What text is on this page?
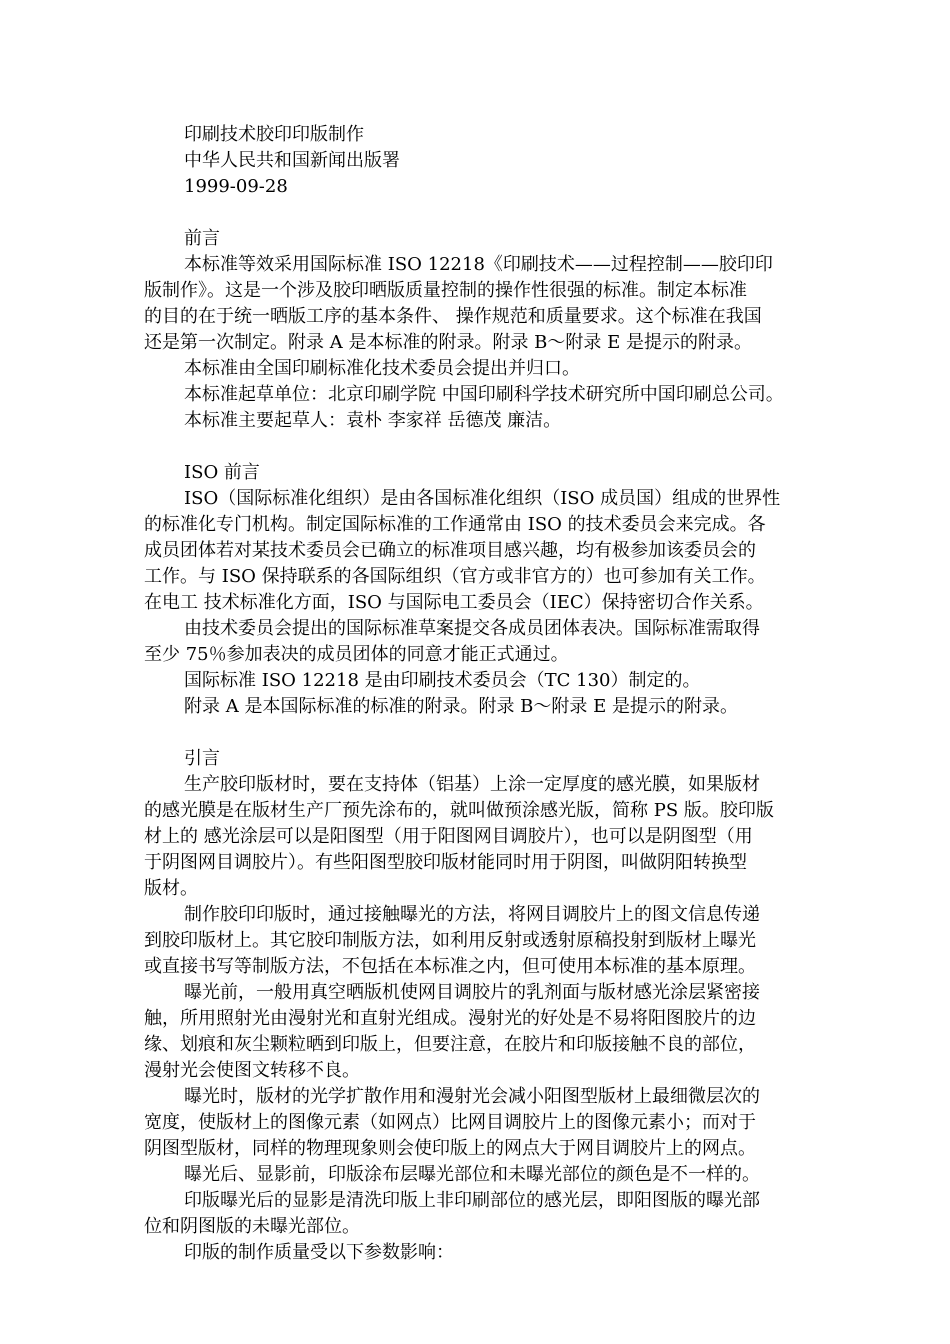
印刷技术胶印印版制作
中华人民共和国新闻出版署
1999-09-28
前言
本标准等效采用国际标准 ISO 12218《印刷技术——过程控制——胶印印
版制作》。这是一个涉及胶印晒版质量控制的操作性很强的标准。制定本标准
的目的在于统一晒版工序的基本条件、 操作规范和质量要求。这个标准在我国
还是第一次制定。附录 A 是本标准的附录。附录 B～附录 E 是提示的附录。
本标准由全国印刷标准化技术委员会提出并归口。
本标准起草单位：北京印刷学院 中国印刷科学技术研究所中国印刷总公司。
本标准主要起草人：袁朴 李家祥 岳德茂 廉洁。
ISO 前言
ISO（国际标准化组织）是由各国标准化组织（ISO 成员国）组成的世界性
的标准化专门机构。制定国际标准的工作通常由 ISO 的技术委员会来完成。各
成员团体若对某技术委员会已确立的标准项目感兴趣，均有极参加该委员会的
工作。与 ISO 保持联系的各国际组织（官方或非官方的）也可参加有关工作。
在电工 技术标准化方面，ISO 与国际电工委员会（IEC）保持密切合作关系。
由技术委员会提出的国际标准草案提交各成员团体表决。国际标准需取得
至少 75％参加表决的成员团体的同意才能正式通过。
国际标准 ISO 12218 是由印刷技术委员会（TC 130）制定的。
附录 A 是本国际标准的标准的附录。附录 B～附录 E 是提示的附录。
引言
生产胶印版材时，要在支持体（铝基）上涂一定厚度的感光膜，如果版材
的感光膜是在版材生产厂预先涂布的，就叫做预涂感光版，简称 PS 版。胶印版
材上的 感光涂层可以是阳图型（用于阳图网目调胶片），也可以是阴图型（用
于阴图网目调胶片）。有些阳图型胶印版材能同时用于阴图，叫做阴阳转换型
版材。
制作胶印印版时，通过接触曝光的方法，将网目调胶片上的图文信息传递
到胶印版材上。其它胶印制版方法，如利用反射或透射原稿投射到版材上曝光
或直接书写等制版方法，不包括在本标准之内，但可使用本标准的基本原理。
曝光前，一般用真空晒版机使网目调胶片的乳剂面与版材感光涂层紧密接
触，所用照射光由漫射光和直射光组成。漫射光的好处是不易将阳图胶片的边
缘、划痕和灰尘颗粒晒到印版上，但要注意，在胶片和印版接触不良的部位，
漫射光会使图文转移不良。
曝光时，版材的光学扩散作用和漫射光会减小阳图型版材上最细微层次的
宽度，使版材上的图像元素（如网点）比网目调胶片上的图像元素小；而对于
阴图型版材，同样的物理现象则会使印版上的网点大于网目调胶片上的网点。
曝光后、显影前，印版涂布层曝光部位和未曝光部位的颜色是不一样的。
印版曝光后的显影是清洗印版上非印刷部位的感光层，即阳图版的曝光部
位和阴图版的未曝光部位。
印版的制作质量受以下参数影响：
